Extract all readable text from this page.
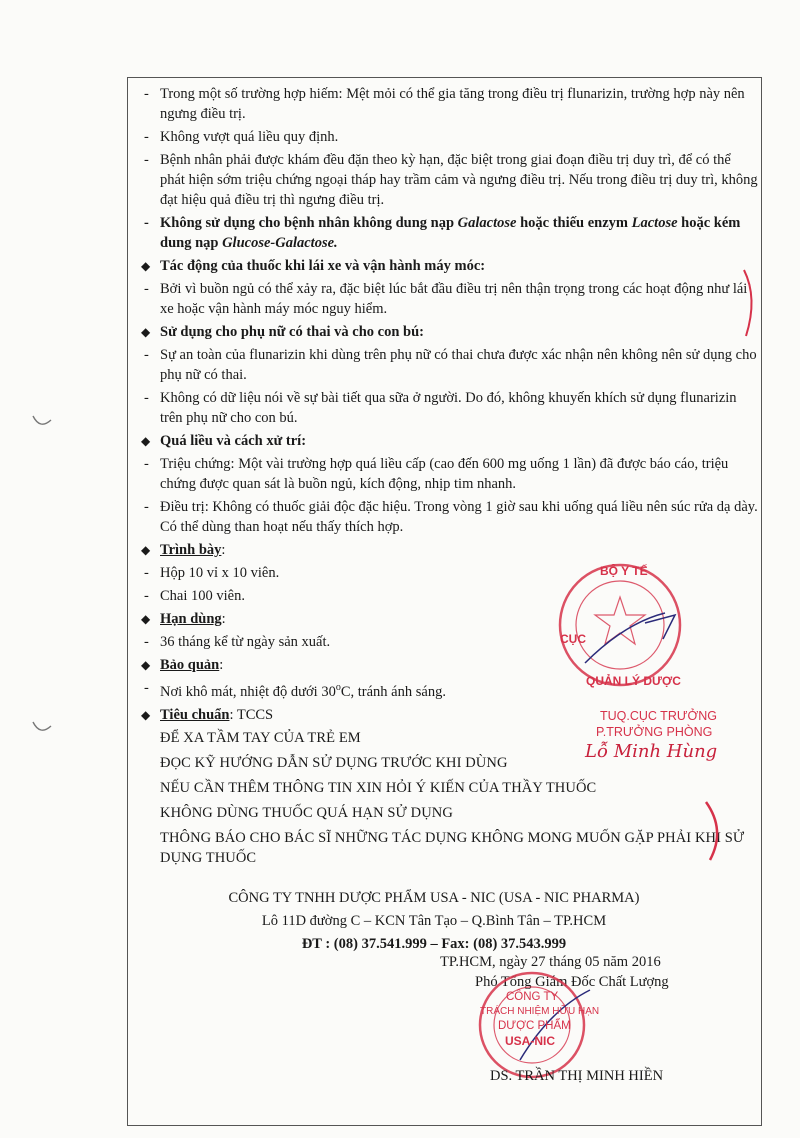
- Trong một số trường hợp hiếm: Mệt mỏi có thể gia tăng trong điều trị flunarizin, trường hợp này nên ngưng điều trị.
- Không vượt quá liều quy định.
- Bệnh nhân phải được khám đều đặn theo kỳ hạn, đặc biệt trong giai đoạn điều trị duy trì, để có thể phát hiện sớm triệu chứng ngoại tháp hay trầm cảm và ngưng điều trị. Nếu trong điều trị duy trì, không đạt hiệu quả điều trị thì ngưng điều trị.
- Không sử dụng cho bệnh nhân không dung nạp Galactose hoặc thiếu enzym Lactose hoặc kém dung nạp Glucose-Galactose.
◆ Tác động của thuốc khi lái xe và vận hành máy móc:
- Bởi vì buồn ngủ có thể xảy ra, đặc biệt lúc bắt đầu điều trị nên thận trọng trong các hoạt động như lái xe hoặc vận hành máy móc nguy hiểm.
◆ Sử dụng cho phụ nữ có thai và cho con bú:
- Sự an toàn của flunarizin khi dùng trên phụ nữ có thai chưa được xác nhận nên không nên sử dụng cho phụ nữ có thai.
- Không có dữ liệu nói về sự bài tiết qua sữa ở người. Do đó, không khuyến khích sử dụng flunarizin trên phụ nữ cho con bú.
◆ Quá liều và cách xử trí:
- Triệu chứng: Một vài trường hợp quá liều cấp (cao đến 600 mg uống 1 lần) đã được báo cáo, triệu chứng được quan sát là buồn ngủ, kích động, nhịp tim nhanh.
- Điều trị: Không có thuốc giải độc đặc hiệu. Trong vòng 1 giờ sau khi uống quá liều nên súc rửa dạ dày. Có thể dùng than hoạt nếu thấy thích hợp.
◆ Trình bày:
- Hộp 10 vỉ x 10 viên.
- Chai 100 viên.
◆ Hạn dùng:
- 36 tháng kể từ ngày sản xuất.
◆ Bảo quản:
- Nơi khô mát, nhiệt độ dưới 30$^o$C, tránh ánh sáng.
◆ Tiêu chuẩn: TCCS
ĐỂ XA TẦM TAY CỦA TRẺ EM
ĐỌC KỸ HƯỚNG DẪN SỬ DỤNG TRƯỚC KHI DÙNG
NẾU CẦN THÊM THÔNG TIN XIN HỎI Ý KIẾN CỦA THẦY THUỐC
KHÔNG DÙNG THUỐC QUÁ HẠN SỬ DỤNG
THÔNG BÁO CHO BÁC SĨ NHỮNG TÁC DỤNG KHÔNG MONG MUỐN GẶP PHẢI KHI SỬ DỤNG THUỐC
CÔNG TY TNHH DƯỢC PHẨM USA - NIC (USA - NIC PHARMA)
Lô 11D đường C – KCN Tân Tạo – Q.Bình Tân – TP.HCM
ĐT : (08) 37.541.999 – Fax: (08) 37.543.999
BỘ Y TẾ
CỤC
QUẢN LÝ DƯỢC
TUQ.CỤC TRƯỞNG
P.TRƯỞNG PHÒNG
Lỗ Minh Hùng
TP.HCM, ngày 27 tháng 05 năm 2016
Phó Tổng Giám Đốc Chất Lượng
CÔNG TY
TRÁCH NHIỆM HỮU HẠN
DƯỢC PHẨM
USA-NIC
DS. TRẦN THỊ MINH HIỀN
